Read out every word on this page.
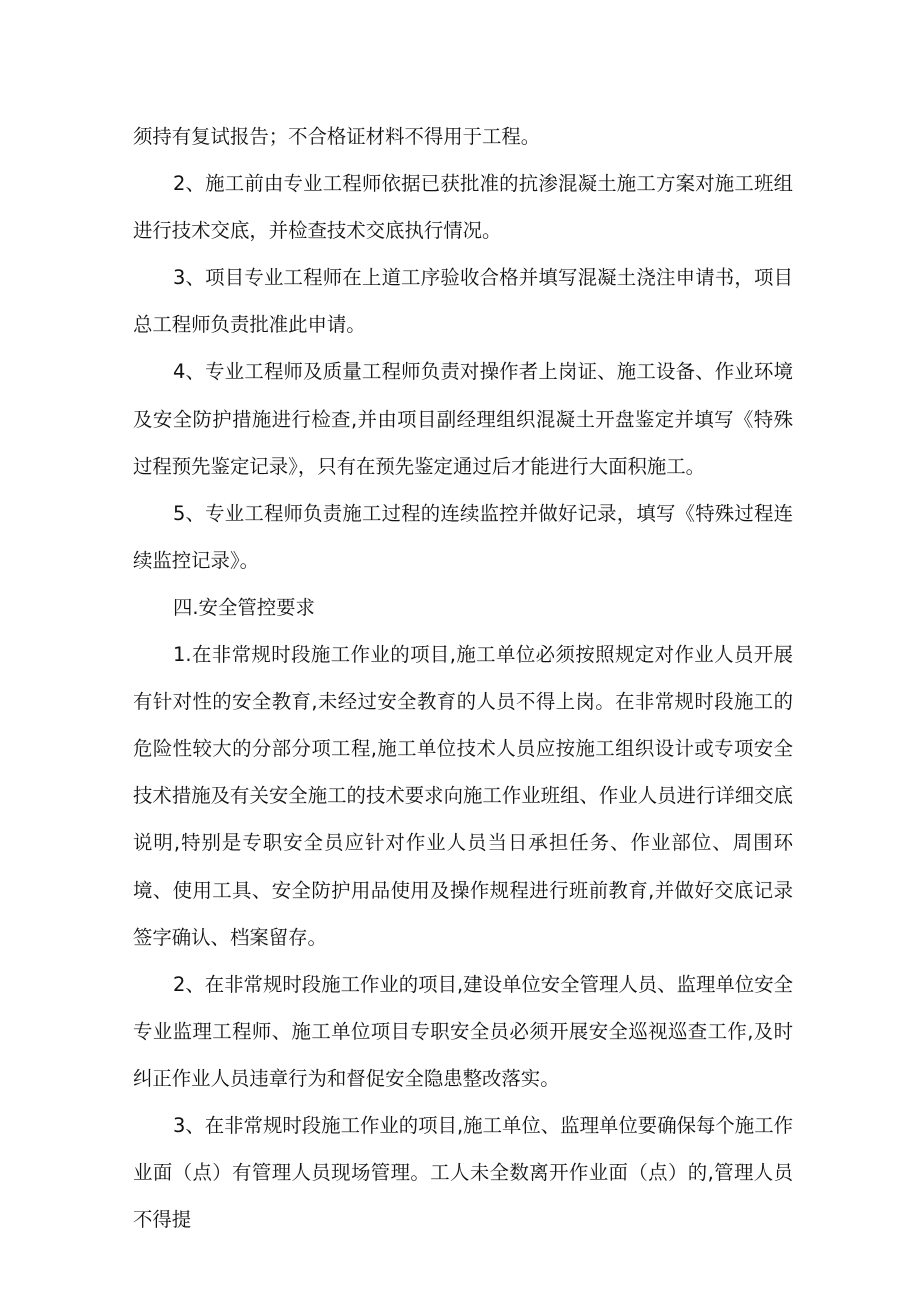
须持有复试报告；不合格证材料不得用于工程。

2、施工前由专业工程师依据已获批准的抗渗混凝土施工方案对施工班组进行技术交底，并检查技术交底执行情况。

3、项目专业工程师在上道工序验收合格并填写混凝土浇注申请书，项目总工程师负责批准此申请。

4、专业工程师及质量工程师负责对操作者上岗证、施工设备、作业环境及安全防护措施进行检查,并由项目副经理组织混凝土开盘鉴定并填写《特殊过程预先鉴定记录》，只有在预先鉴定通过后才能进行大面积施工。

5、专业工程师负责施工过程的连续监控并做好记录，填写《特殊过程连续监控记录》。

四.安全管控要求

1.在非常规时段施工作业的项目,施工单位必须按照规定对作业人员开展有针对性的安全教育,未经过安全教育的人员不得上岗。在非常规时段施工的危险性较大的分部分项工程,施工单位技术人员应按施工组织设计或专项安全技术措施及有关安全施工的技术要求向施工作业班组、作业人员进行详细交底说明,特别是专职安全员应针对作业人员当日承担任务、作业部位、周围环境、使用工具、安全防护用品使用及操作规程进行班前教育,并做好交底记录签字确认、档案留存。

2、在非常规时段施工作业的项目,建设单位安全管理人员、监理单位安全专业监理工程师、施工单位项目专职安全员必须开展安全巡视巡查工作,及时纠正作业人员违章行为和督促安全隐患整改落实。

3、在非常规时段施工作业的项目,施工单位、监理单位要确保每个施工作业面（点）有管理人员现场管理。工人未全数离开作业面（点）的,管理人员不得提
